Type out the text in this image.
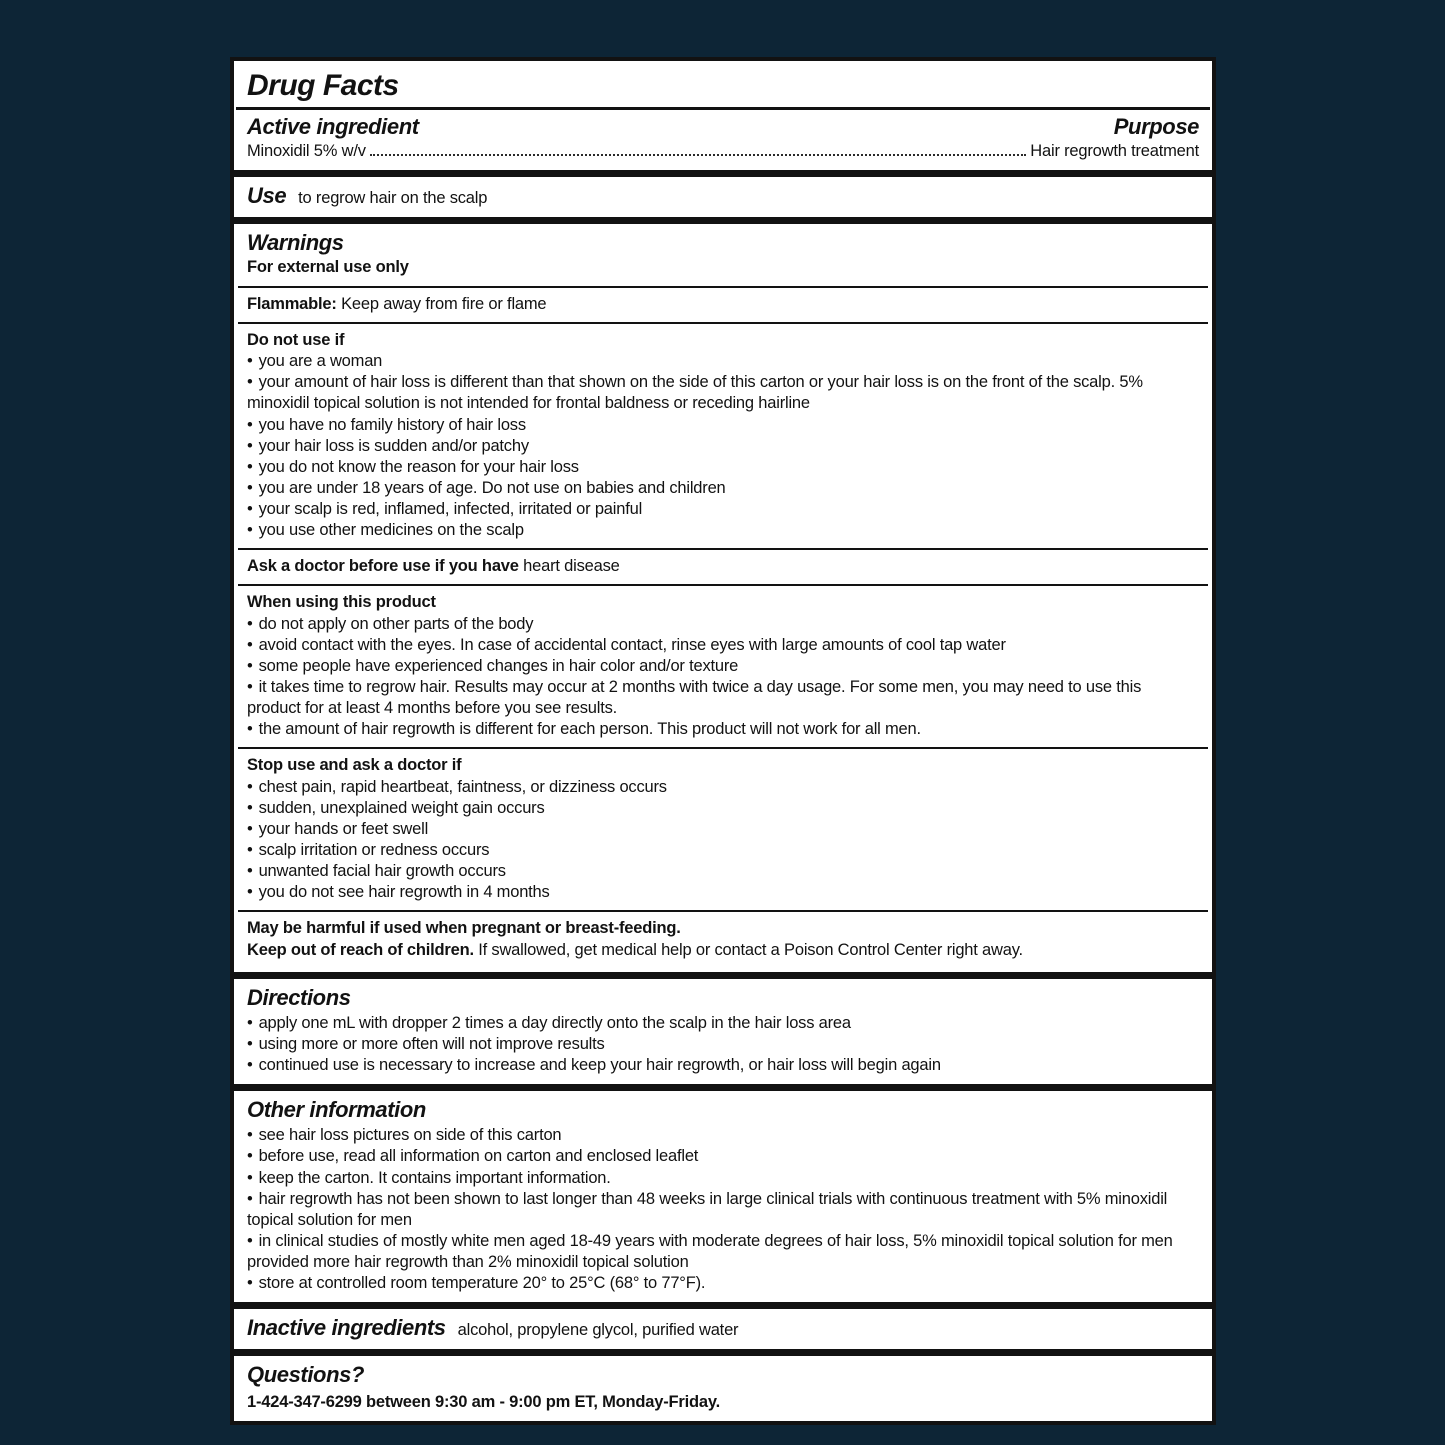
Drug Facts
Active ingredient	Purpose
Minoxidil 5% w/v	Hair regrowth treatment
Use to regrow hair on the scalp
Warnings
For external use only
Flammable: Keep away from fire or flame
Do not use if
• you are a woman
• your amount of hair loss is different than that shown on the side of this carton or your hair loss is on the front of the scalp. 5% minoxidil topical solution is not intended for frontal baldness or receding hairline
• you have no family history of hair loss
• your hair loss is sudden and/or patchy
• you do not know the reason for your hair loss
• you are under 18 years of age. Do not use on babies and children
• your scalp is red, inflamed, infected, irritated or painful
• you use other medicines on the scalp
Ask a doctor before use if you have heart disease
When using this product
• do not apply on other parts of the body
• avoid contact with the eyes. In case of accidental contact, rinse eyes with large amounts of cool tap water
• some people have experienced changes in hair color and/or texture
• it takes time to regrow hair. Results may occur at 2 months with twice a day usage. For some men, you may need to use this product for at least 4 months before you see results.
• the amount of hair regrowth is different for each person. This product will not work for all men.
Stop use and ask a doctor if
• chest pain, rapid heartbeat, faintness, or dizziness occurs
• sudden, unexplained weight gain occurs
• your hands or feet swell
• scalp irritation or redness occurs
• unwanted facial hair growth occurs
• you do not see hair regrowth in 4 months
May be harmful if used when pregnant or breast-feeding.
Keep out of reach of children. If swallowed, get medical help or contact a Poison Control Center right away.
Directions
• apply one mL with dropper 2 times a day directly onto the scalp in the hair loss area
• using more or more often will not improve results
• continued use is necessary to increase and keep your hair regrowth, or hair loss will begin again
Other information
• see hair loss pictures on side of this carton
• before use, read all information on carton and enclosed leaflet
• keep the carton. It contains important information.
• hair regrowth has not been shown to last longer than 48 weeks in large clinical trials with continuous treatment with 5% minoxidil topical solution for men
• in clinical studies of mostly white men aged 18-49 years with moderate degrees of hair loss, 5% minoxidil topical solution for men provided more hair regrowth than 2% minoxidil topical solution
• store at controlled room temperature 20° to 25°C (68° to 77°F).
Inactive ingredients alcohol, propylene glycol, purified water
Questions?
1-424-347-6299 between 9:30 am - 9:00 pm ET, Monday-Friday.
